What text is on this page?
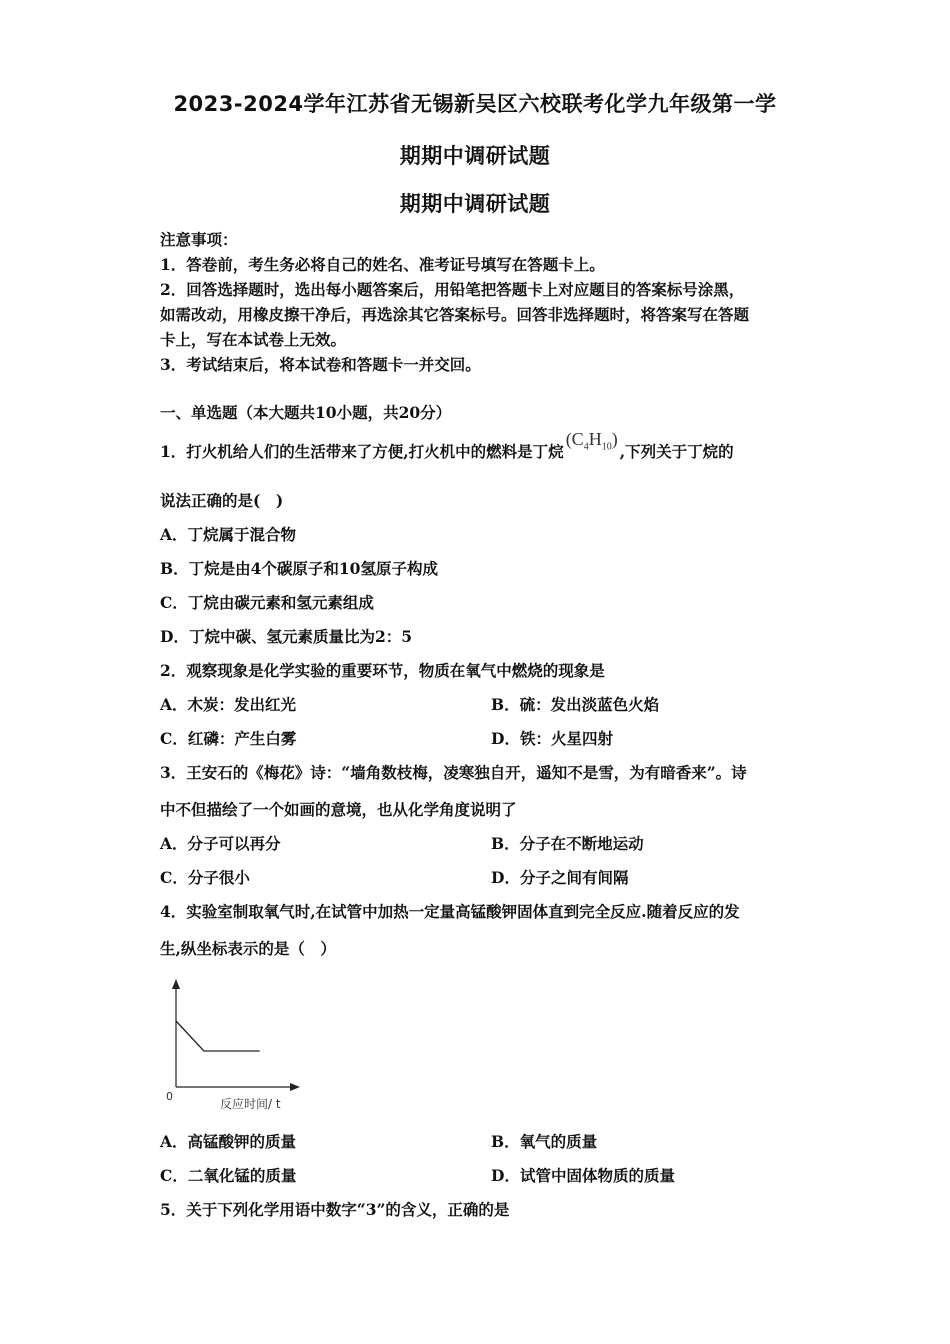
2023-2024学年江苏省无锡新吴区六校联考化学九年级第一学
期期中调研试题
期期中调研试题
注意事项：
1．答卷前，考生务必将自己的姓名、准考证号填写在答题卡上。
2．回答选择题时，选出每小题答案后，用铅笔把答题卡上对应题目的答案标号涂黑，
如需改动，用橡皮擦干净后，再选涂其它答案标号。回答非选择题时，将答案写在答题
卡上，写在本试卷上无效。
3．考试结束后，将本试卷和答题卡一并交回。
一、单选题（本大题共10小题，共20分）
1．打火机给人们的生活带来了方便,打火机中的燃料是丁烷$(C_4H_{10})$,下列关于丁烷的
说法正确的是(　)
A．丁烷属于混合物
B．丁烷是由4个碳原子和10氢原子构成
C．丁烷由碳元素和氢元素组成
D．丁烷中碳、氢元素质量比为2：5
2．观察现象是化学实验的重要环节，物质在氧气中燃烧的现象是
A．木炭：发出红光	B．硫：发出淡蓝色火焰
C．红磷：产生白雾	D．铁：火星四射
3．王安石的《梅花》诗：“墙角数枝梅，凌寒独自开，遥知不是雪，为有暗香来”。诗
中不但描绘了一个如画的意境，也从化学角度说明了
A．分子可以再分	B．分子在不断地运动
C．分子很小	D．分子之间有间隔
4．实验室制取氧气时,在试管中加热一定量高锰酸钾固体直到完全反应.随着反应的发
生,纵坐标表示的是（　）
0
反应时间/ t
A．高锰酸钾的质量	B．氧气的质量
C．二氧化锰的质量	D．试管中固体物质的质量
5．关于下列化学用语中数字“3”的含义，正确的是
